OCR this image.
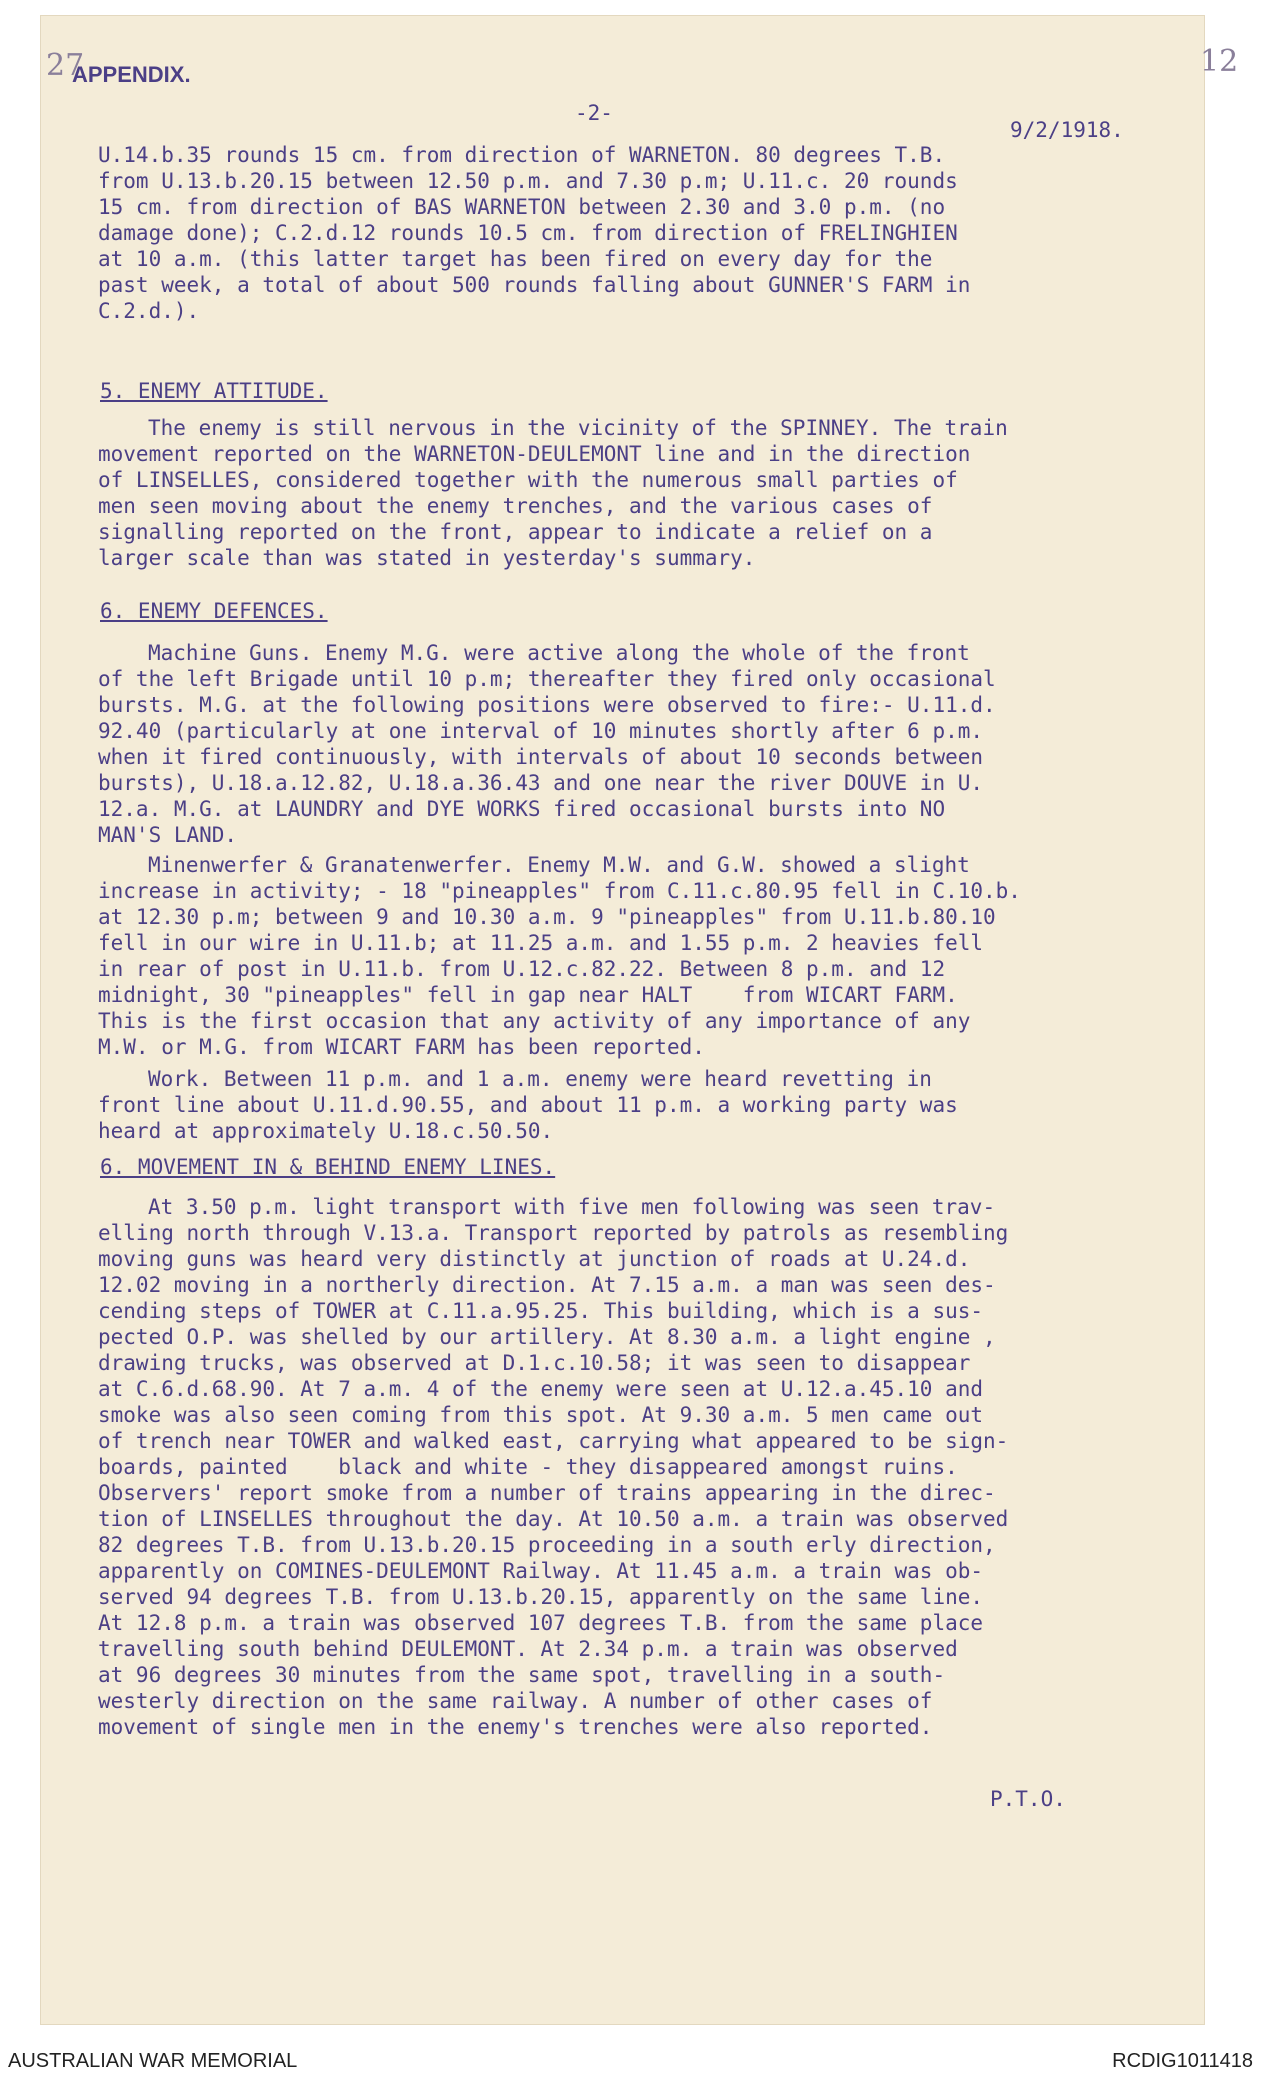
27
APPENDIX.	12
-2-
9/2/1918.
U.14.b.35 rounds 15 cm. from direction of WARNETON. 80 degrees T.B.
from U.13.b.20.15 between 12.50 p.m. and 7.30 p.m; U.11.c. 20 rounds
15 cm. from direction of BAS WARNETON between 2.30 and 3.0 p.m. (no
damage done); C.2.d.12 rounds 10.5 cm. from direction of FRELINGHIEN
at 10 a.m. (this latter target has been fired on every day for the
past week, a total of about 500 rounds falling about GUNNER'S FARM in
C.2.d.).
5. ENEMY ATTITUDE.
The enemy is still nervous in the vicinity of the SPINNEY. The train
movement reported on the WARNETON-DEULEMONT line and in the direction
of LINSELLES, considered together with the numerous small parties of
men seen moving about the enemy trenches, and the various cases of
signalling reported on the front, appear to indicate a relief on a
larger scale than was stated in yesterday's summary.
6. ENEMY DEFENCES.
Machine Guns. Enemy M.G. were active along the whole of the front
of the left Brigade until 10 p.m; thereafter they fired only occasional
bursts. M.G. at the following positions were observed to fire:- U.11.d.
92.40 (particularly at one interval of 10 minutes shortly after 6 p.m.
when it fired continuously, with intervals of about 10 seconds between
bursts), U.18.a.12.82, U.18.a.36.43 and one near the river DOUVE in U.
12.a. M.G. at LAUNDRY and DYE WORKS fired occasional bursts into NO
MAN'S LAND.
Minenwerfer & Granatenwerfer. Enemy M.W. and G.W. showed a slight
increase in activity; - 18 "pineapples" from C.11.c.80.95 fell in C.10.b.
at 12.30 p.m; between 9 and 10.30 a.m. 9 "pineapples" from U.11.b.80.10
fell in our wire in U.11.b; at 11.25 a.m. and 1.55 p.m. 2 heavies fell
in rear of post in U.11.b. from U.12.c.82.22. Between 8 p.m. and 12
midnight, 30 "pineapples" fell in gap near HALT    from WICART FARM.
This is the first occasion that any activity of any importance of any
M.W. or M.G. from WICART FARM has been reported.
Work. Between 11 p.m. and 1 a.m. enemy were heard revetting in
front line about U.11.d.90.55, and about 11 p.m. a working party was
heard at approximately U.18.c.50.50.
6. MOVEMENT IN & BEHIND ENEMY LINES.
At 3.50 p.m. light transport with five men following was seen trav-
elling north through V.13.a. Transport reported by patrols as resembling
moving guns was heard very distinctly at junction of roads at U.24.d.
12.02 moving in a northerly direction. At 7.15 a.m. a man was seen des-
cending steps of TOWER at C.11.a.95.25. This building, which is a sus-
pected O.P. was shelled by our artillery. At 8.30 a.m. a light engine ,
drawing trucks, was observed at D.1.c.10.58; it was seen to disappear
at C.6.d.68.90. At 7 a.m. 4 of the enemy were seen at U.12.a.45.10 and
smoke was also seen coming from this spot. At 9.30 a.m. 5 men came out
of trench near TOWER and walked east, carrying what appeared to be sign-
boards, painted    black and white - they disappeared amongst ruins.
Observers' report smoke from a number of trains appearing in the direc-
tion of LINSELLES throughout the day. At 10.50 a.m. a train was observed
82 degrees T.B. from U.13.b.20.15 proceeding in a south erly direction,
apparently on COMINES-DEULEMONT Railway. At 11.45 a.m. a train was ob-
served 94 degrees T.B. from U.13.b.20.15, apparently on the same line.
At 12.8 p.m. a train was observed 107 degrees T.B. from the same place
travelling south behind DEULEMONT. At 2.34 p.m. a train was observed
at 96 degrees 30 minutes from the same spot, travelling in a south-
westerly direction on the same railway. A number of other cases of
movement of single men in the enemy's trenches were also reported.
P.T.O.
AUSTRALIAN WAR MEMORIAL	RCDIG1011418
